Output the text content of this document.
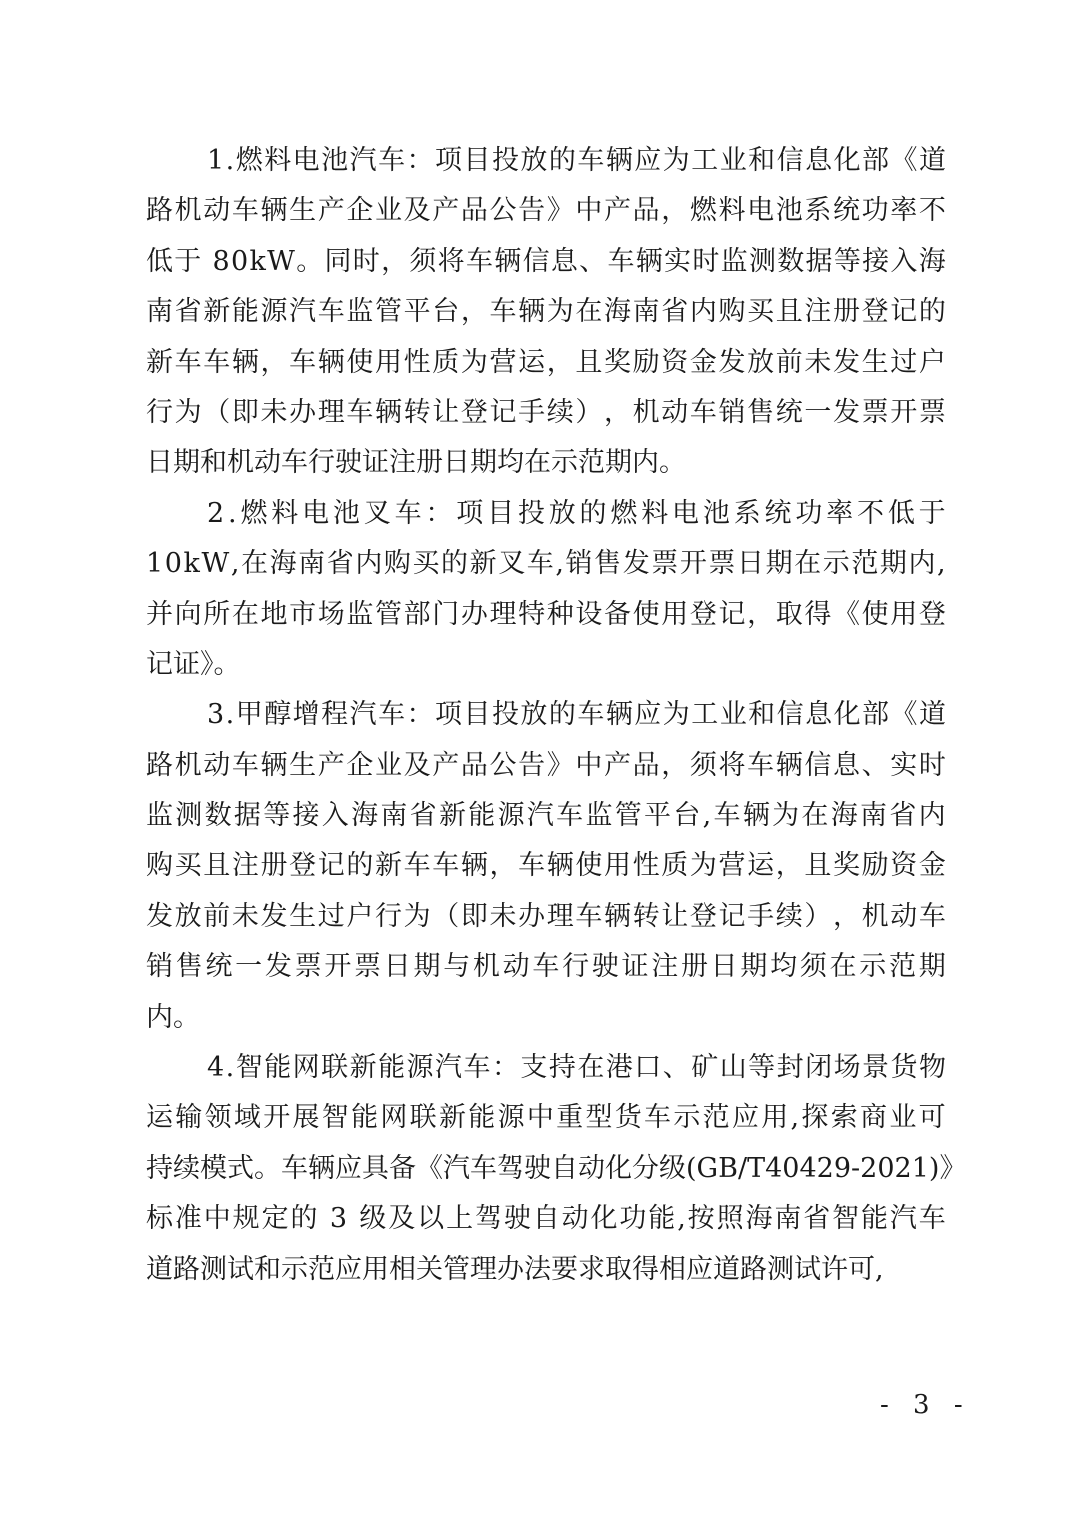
1 . 燃 料 电 池 汽 车 ： 项 目 投 放 的 车 辆 应 为 工 业 和 信 息 化 部 《 道
路 机 动 车 辆 生 产 企 业 及 产 品 公 告 》 中 产 品 ， 燃 料 电 池 系 统 功 率 不
低 于
8 0 k W 。 同 时 ， 须 将 车 辆 信 息 、 车 辆 实 时 监 测 数 据 等 接 入 海
南 省 新 能 源 汽 车 监 管 平 台 ， 车 辆 为 在 海 南 省 内 购 买 且 注 册 登 记 的
新 车 车 辆 ， 车 辆 使 用 性 质 为 营 运 ， 且 奖 励 资 金 发 放 前 未 发 生 过 户
行 为 （ 即 未 办 理 车 辆 转 让 登 记 手 续 ） ， 机 动 车 销 售 统 一 发 票 开 票
日期和机动车行驶证注册日期均在示范期内。
2 . 燃 料 电 池 叉 车 ： 项 目 投 放 的 燃 料 电 池 系 统 功 率 不 低 于
1 0 k W , 在 海 南 省 内 购 买 的 新 叉 车 , 销 售 发 票 开 票 日 期 在 示 范 期 内 ,
并 向 所 在 地 市 场 监 管 部 门 办 理 特 种 设 备 使 用 登 记 ， 取 得 《 使 用 登
记证》。
3 . 甲 醇 增 程 汽 车 ： 项 目 投 放 的 车 辆 应 为 工 业 和 信 息 化 部 《 道
路 机 动 车 辆 生 产 企 业 及 产 品 公 告 》 中 产 品 ， 须 将 车 辆 信 息 、 实 时
监 测 数 据 等 接 入 海 南 省 新 能 源 汽 车 监 管 平 台 , 车 辆 为 在 海 南 省 内
购 买 且 注 册 登 记 的 新 车 车 辆 ， 车 辆 使 用 性 质 为 营 运 ， 且 奖 励 资 金
发 放 前 未 发 生 过 户 行 为 （ 即 未 办 理 车 辆 转 让 登 记 手 续 ） ， 机 动 车
销 售 统 一 发 票 开 票 日 期 与 机 动 车 行 驶 证 注 册 日 期 均 须 在 示 范 期
内。
4 . 智 能 网 联 新 能 源 汽 车 ： 支 持 在 港 口 、 矿 山 等 封 闭 场 景 货 物
运 输 领 域 开 展 智 能 网 联 新 能 源 中 重 型 货 车 示 范 应 用 , 探 索 商 业 可
持 续 模 式 。 车 辆 应 具 备 《 汽 车 驾 驶 自 动 化 分 级 ( G B / T 4 0 4 2 9 - 2 0 2 1 ) 》
标 准 中 规 定 的
3
级 及 以 上 驾 驶 自 动 化 功 能 , 按 照 海 南 省 智 能 汽 车
道路测试和示范应用相关管理办法要求取得相应道路测试许可,
- 3 -
